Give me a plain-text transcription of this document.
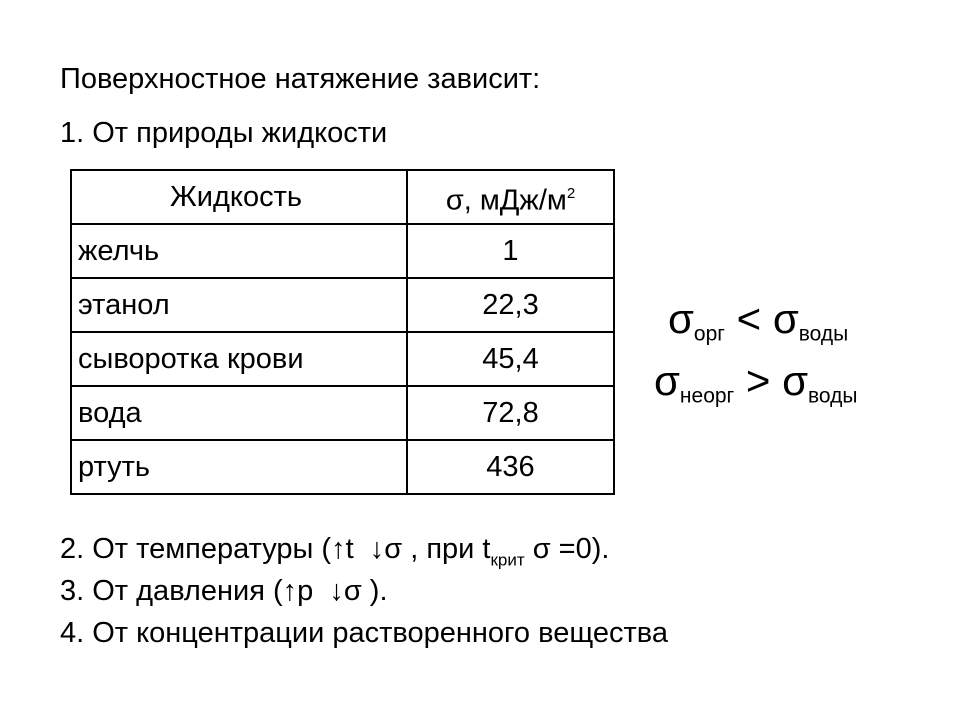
Поверхностное натяжение зависит:
1. От природы жидкости
Жидкость	σ, мДж/$м^2$
желчь	1
этанол	22,3
сыворотка крови	45,4
вода	72,8
ртуть	436
$\sigma_{орг} < \sigma_{воды}$
$\sigma_{неорг} > \sigma_{воды}$
2. От температуры (↑t  ↓σ , при $t_{крит}$ σ =0).
3. От давления (↑p  ↓σ ).
4. От концентрации растворенного вещества
